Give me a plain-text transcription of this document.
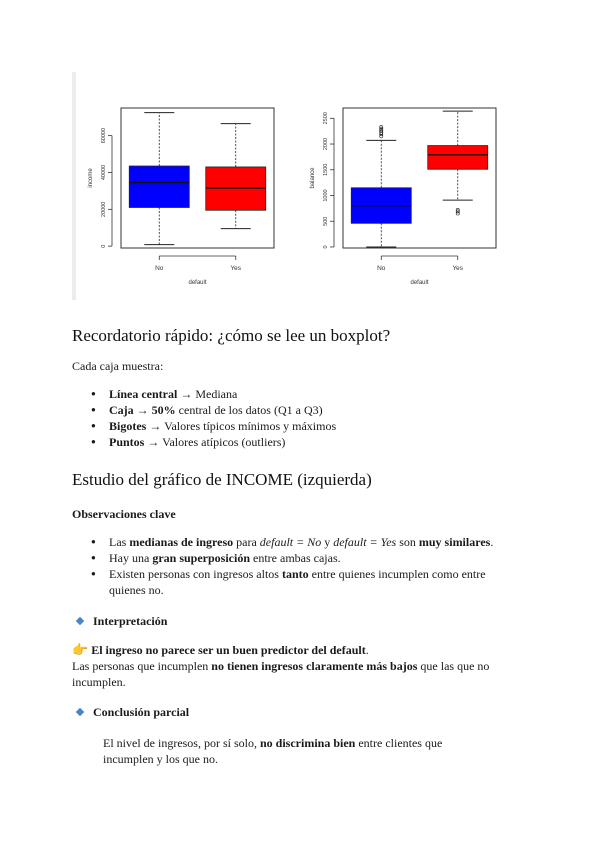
0
20000
40000
60000
income
No	Yes
default
0
500
1000
1500
2000
2500
balance
No	Yes
default
Recordatorio rápido: ¿cómo se lee un boxplot?

Cada caja muestra:

● Línea central → Mediana
● Caja → 50% central de los datos (Q1 a Q3)
● Bigotes → Valores típicos mínimos y máximos
● Puntos → Valores atípicos (outliers)
Estudio del gráfico de INCOME (izquierda)

Observaciones clave

● Las medianas de ingreso para default = No y default = Yes son muy similares.
● Hay una gran superposición entre ambas cajas.
● Existen personas con ingresos altos tanto entre quienes incumplen como entre quienes no.

Interpretación

👉 El ingreso no parece ser un buen predictor del default.

Las personas que incumplen no tienen ingresos claramente más bajos que las que no incumplen.

Conclusión parcial

El nivel de ingresos, por sí solo, no discrimina bien entre clientes que incumplen y los que no.
